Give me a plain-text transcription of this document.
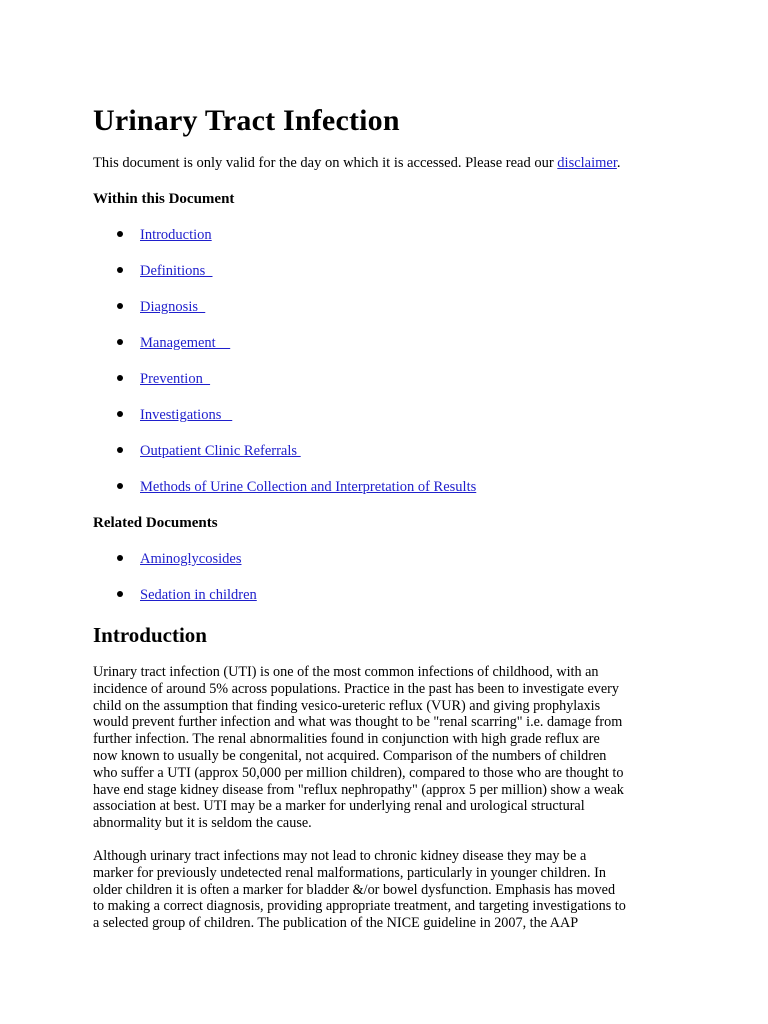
Urinary Tract Infection

This document is only valid for the day on which it is accessed. Please read our disclaimer.

Within this Document
Introduction
Definitions
Diagnosis
Management
Prevention
Investigations
Outpatient Clinic Referrals
Methods of Urine Collection and Interpretation of Results
Related Documents
Aminoglycosides
Sedation in children
Introduction
Urinary tract infection (UTI) is one of the most common infections of childhood, with an
incidence of around 5% across populations. Practice in the past has been to investigate every
child on the assumption that finding vesico-ureteric reflux (VUR) and giving prophylaxis
would prevent further infection and what was thought to be "renal scarring" i.e. damage from
further infection. The renal abnormalities found in conjunction with high grade reflux are
now known to usually be congenital, not acquired. Comparison of the numbers of children
who suffer a UTI (approx 50,000 per million children), compared to those who are thought to
have end stage kidney disease from "reflux nephropathy" (approx 5 per million) show a weak
association at best. UTI may be a marker for underlying renal and urological structural
abnormality but it is seldom the cause.
Although urinary tract infections may not lead to chronic kidney disease they may be a
marker for previously undetected renal malformations, particularly in younger children. In
older children it is often a marker for bladder &/or bowel dysfunction. Emphasis has moved
to making a correct diagnosis, providing appropriate treatment, and targeting investigations to
a selected group of children. The publication of the NICE guideline in 2007, the AAP
